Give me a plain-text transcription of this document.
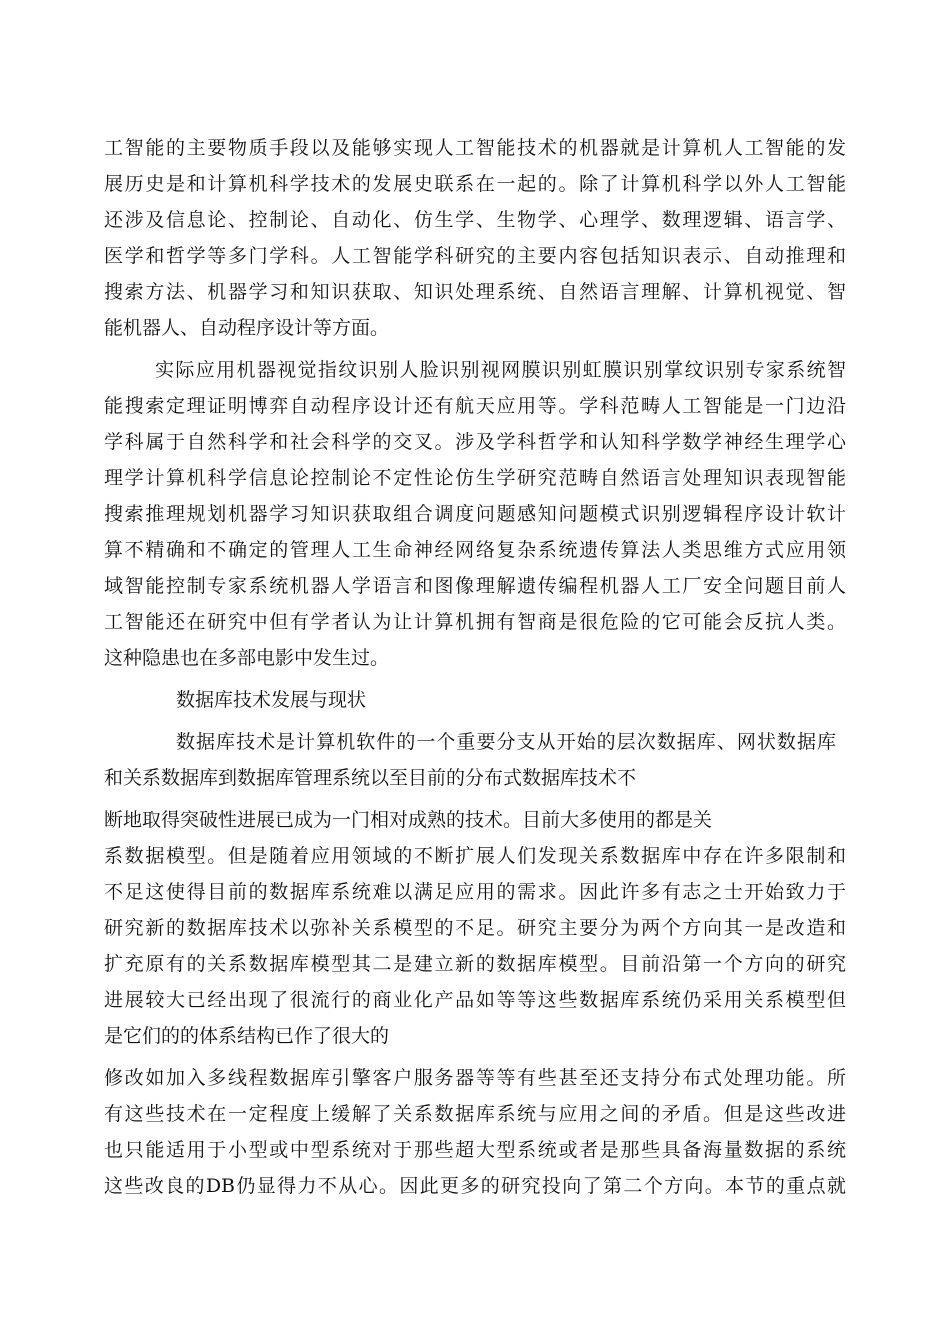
工智能的主要物质手段以及能够实现人工智能技术的机器就是计算机人工智能的发
展历史是和计算机科学技术的发展史联系在一起的。除了计算机科学以外人工智能
还涉及信息论、控制论、自动化、仿生学、生物学、心理学、数理逻辑、语言学、
医学和哲学等多门学科。人工智能学科研究的主要内容包括知识表示、自动推理和
搜索方法、机器学习和知识获取、知识处理系统、自然语言理解、计算机视觉、智
能机器人、自动程序设计等方面。
实际应用机器视觉指纹识别人脸识别视网膜识别虹膜识别掌纹识别专家系统智
能搜索定理证明博弈自动程序设计还有航天应用等。学科范畴人工智能是一门边沿
学科属于自然科学和社会科学的交叉。涉及学科哲学和认知科学数学神经生理学心
理学计算机科学信息论控制论不定性论仿生学研究范畴自然语言处理知识表现智能
搜索推理规划机器学习知识获取组合调度问题感知问题模式识别逻辑程序设计软计
算不精确和不确定的管理人工生命神经网络复杂系统遗传算法人类思维方式应用领
域智能控制专家系统机器人学语言和图像理解遗传编程机器人工厂安全问题目前人
工智能还在研究中但有学者认为让计算机拥有智商是很危险的它可能会反抗人类。
这种隐患也在多部电影中发生过。
数据库技术发展与现状
数据库技术是计算机软件的一个重要分支从开始的层次数据库、网状数据库
和关系数据库到数据库管理系统以至目前的分布式数据库技术不
断地取得突破性进展已成为一门相对成熟的技术。目前大多使用的都是关
系数据模型。但是随着应用领域的不断扩展人们发现关系数据库中存在许多限制和
不足这使得目前的数据库系统难以满足应用的需求。因此许多有志之士开始致力于
研究新的数据库技术以弥补关系模型的不足。研究主要分为两个方向其一是改造和
扩充原有的关系数据库模型其二是建立新的数据库模型。目前沿第一个方向的研究
进展较大已经出现了很流行的商业化产品如等等这些数据库系统仍采用关系模型但
是它们的的体系结构已作了很大的
修改如加入多线程数据库引擎客户服务器等等有些甚至还支持分布式处理功能。所
有这些技术在一定程度上缓解了关系数据库系统与应用之间的矛盾。但是这些改进
也只能适用于小型或中型系统对于那些超大型系统或者是那些具备海量数据的系统
这些改良的DB仍显得力不从心。因此更多的研究投向了第二个方向。本节的重点就
